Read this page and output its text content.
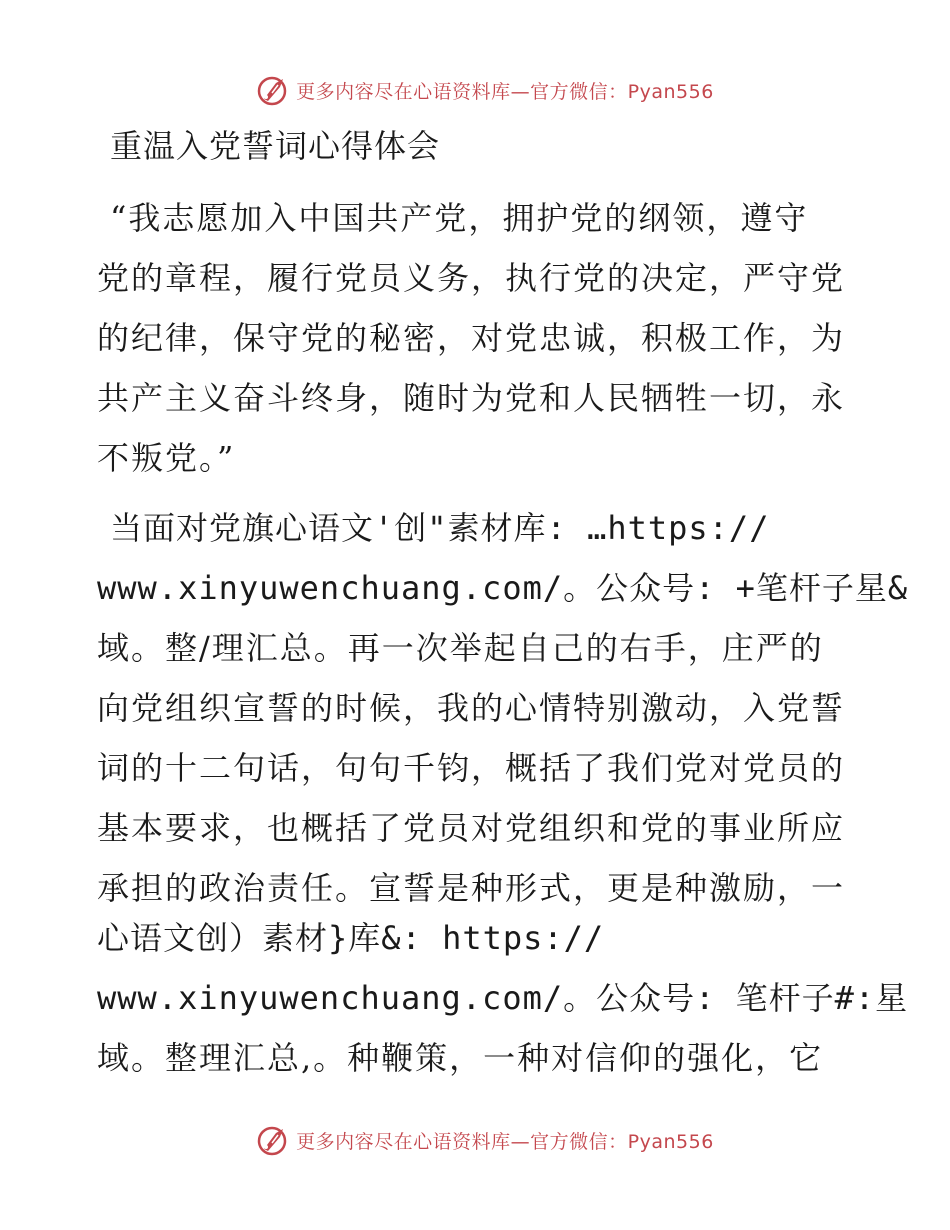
更多内容尽在心语资料库—官方微信：Pyan556
重温入党誓词心得体会
“我志愿加入中国共产党，拥护党的纲领，遵守
党的章程，履行党员义务，执行党的决定，严守党
的纪律，保守党的秘密，对党忠诚，积极工作，为
共产主义奋斗终身，随时为党和人民牺牲一切，永
不叛党。”
当面对党旗心语文'创"素材库: …https://
www.xinyuwenchuang.com/。公众号: +笔杆子星&
域。整/理汇总。再一次举起自己的右手，庄严的
向党组织宣誓的时候，我的心情特别激动，入党誓
词的十二句话，句句千钧，概括了我们党对党员的
基本要求，也概括了党员对党组织和党的事业所应
承担的政治责任。宣誓是种形式，更是种激励，一
心语文创）素材}库&: https://
www.xinyuwenchuang.com/。公众号: 笔杆子#:星
域。整理汇总,。种鞭策，一种对信仰的强化，它
更多内容尽在心语资料库—官方微信：Pyan556
